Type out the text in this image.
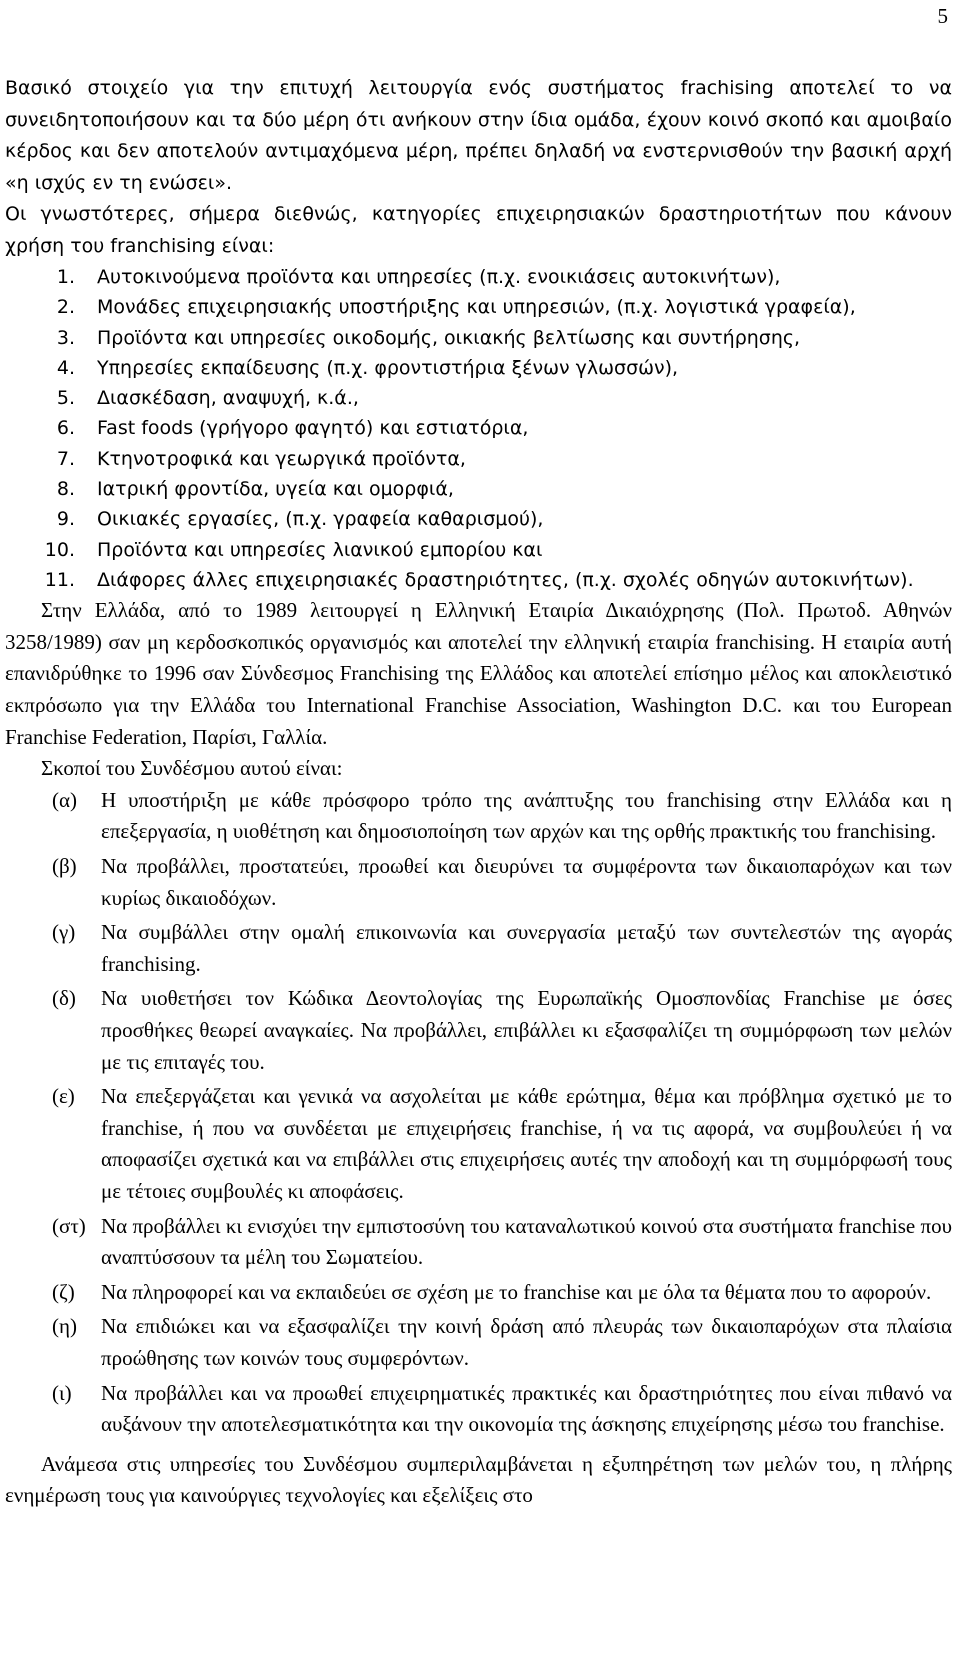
5

Βασικό στοιχείο για την επιτυχή λειτουργία ενός συστήματος frachising αποτελεί το να συνειδητοποιήσουν και τα δύο μέρη ότι ανήκουν στην ίδια ομάδα, έχουν κοινό σκοπό και αμοιβαίο κέρδος και δεν αποτελούν αντιμαχόμενα μέρη, πρέπει δηλαδή να ενστερνισθούν την βασική αρχή «η ισχύς εν τη ενώσει».

Οι γνωστότερες, σήμερα διεθνώς, κατηγορίες επιχειρησιακών δραστηριοτήτων που κάνουν χρήση του franchising είναι:

1.	Αυτοκινούμενα προϊόντα και υπηρεσίες (π.χ. ενοικιάσεις αυτοκινήτων),
2.	Μονάδες επιχειρησιακής υποστήριξης και υπηρεσιών, (π.χ. λογιστικά γραφεία),
3.	Προϊόντα και υπηρεσίες οικοδομής, οικιακής βελτίωσης και συντήρησης,
4.	Υπηρεσίες εκπαίδευσης (π.χ. φροντιστήρια ξένων γλωσσών),
5.	Διασκέδαση, αναψυχή, κ.ά.,
6.	Fast foods (γρήγορο φαγητό) και εστιατόρια,
7.	Κτηνοτροφικά και γεωργικά προϊόντα,
8.	Ιατρική φροντίδα, υγεία και ομορφιά,
9.	Οικιακές εργασίες, (π.χ. γραφεία καθαρισμού),
10.	Προϊόντα και υπηρεσίες λιανικού εμπορίου και
11.	Διάφορες άλλες επιχειρησιακές δραστηριότητες, (π.χ. σχολές οδηγών αυτοκινήτων).

Στην Ελλάδα, από το 1989 λειτουργεί η Ελληνική Εταιρία Δικαιόχρησης (Πολ. Πρωτοδ. Αθηνών 3258/1989) σαν μη κερδοσκοπικός οργανισμός και αποτελεί την ελληνική εταιρία franchising. Η εταιρία αυτή επανιδρύθηκε το 1996 σαν Σύνδεσμος Franchising της Ελλάδος και αποτελεί επίσημο μέλος και αποκλειστικό εκπρόσωπο για την Ελλάδα του International Franchise Association, Washington D.C. και του European Franchise Federation, Παρίσι, Γαλλία.

Σκοποί του Συνδέσμου αυτού είναι:

(α)	Η υποστήριξη με κάθε πρόσφορο τρόπο της ανάπτυξης του franchising στην Ελλάδα και η επεξεργασία, η υιοθέτηση και δημοσιοποίηση των αρχών και της ορθής πρακτικής του franchising.
(β)	Να προβάλλει, προστατεύει, προωθεί και διευρύνει τα συμφέροντα των δικαιοπαρόχων και των κυρίως δικαιοδόχων.
(γ)	Να συμβάλλει στην ομαλή επικοινωνία και συνεργασία μεταξύ των συντελεστών της αγοράς franchising.
(δ)	Να υιοθετήσει τον Κώδικα Δεοντολογίας της Ευρωπαϊκής Ομοσπονδίας Franchise με όσες προσθήκες θεωρεί αναγκαίες. Να προβάλλει, επιβάλλει κι εξασφαλίζει τη συμμόρφωση των μελών με τις επιταγές του.
(ε)	Να επεξεργάζεται και γενικά να ασχολείται με κάθε ερώτημα, θέμα και πρόβλημα σχετικό με το franchise, ή που να συνδέεται με επιχειρήσεις franchise, ή να τις αφορά, να συμβουλεύει ή να αποφασίζει σχετικά και να επιβάλλει στις επιχειρήσεις αυτές την αποδοχή και τη συμμόρφωσή τους με τέτοιες συμβουλές κι αποφάσεις.
(στ) Να προβάλλει κι ενισχύει την εμπιστοσύνη του καταναλωτικού κοινού στα συστήματα franchise που αναπτύσσουν τα μέλη του Σωματείου.
(ζ)	Να πληροφορεί και να εκπαιδεύει σε σχέση με το franchise και με όλα τα θέματα που το αφορούν.
(η)	Να επιδιώκει και να εξασφαλίζει την κοινή δράση από πλευράς των δικαιοπαρόχων στα πλαίσια προώθησης των κοινών τους συμφερόντων.
(ι)	Να προβάλλει και να προωθεί επιχειρηματικές πρακτικές και δραστηριότητες που είναι πιθανό να αυξάνουν την αποτελεσματικότητα και την οικονομία της άσκησης επιχείρησης μέσω του franchise.

Ανάμεσα στις υπηρεσίες του Συνδέσμου συμπεριλαμβάνεται η εξυπηρέτηση των μελών του, η πλήρης ενημέρωση τους για καινούργιες τεχνολογίες και εξελίξεις στο
